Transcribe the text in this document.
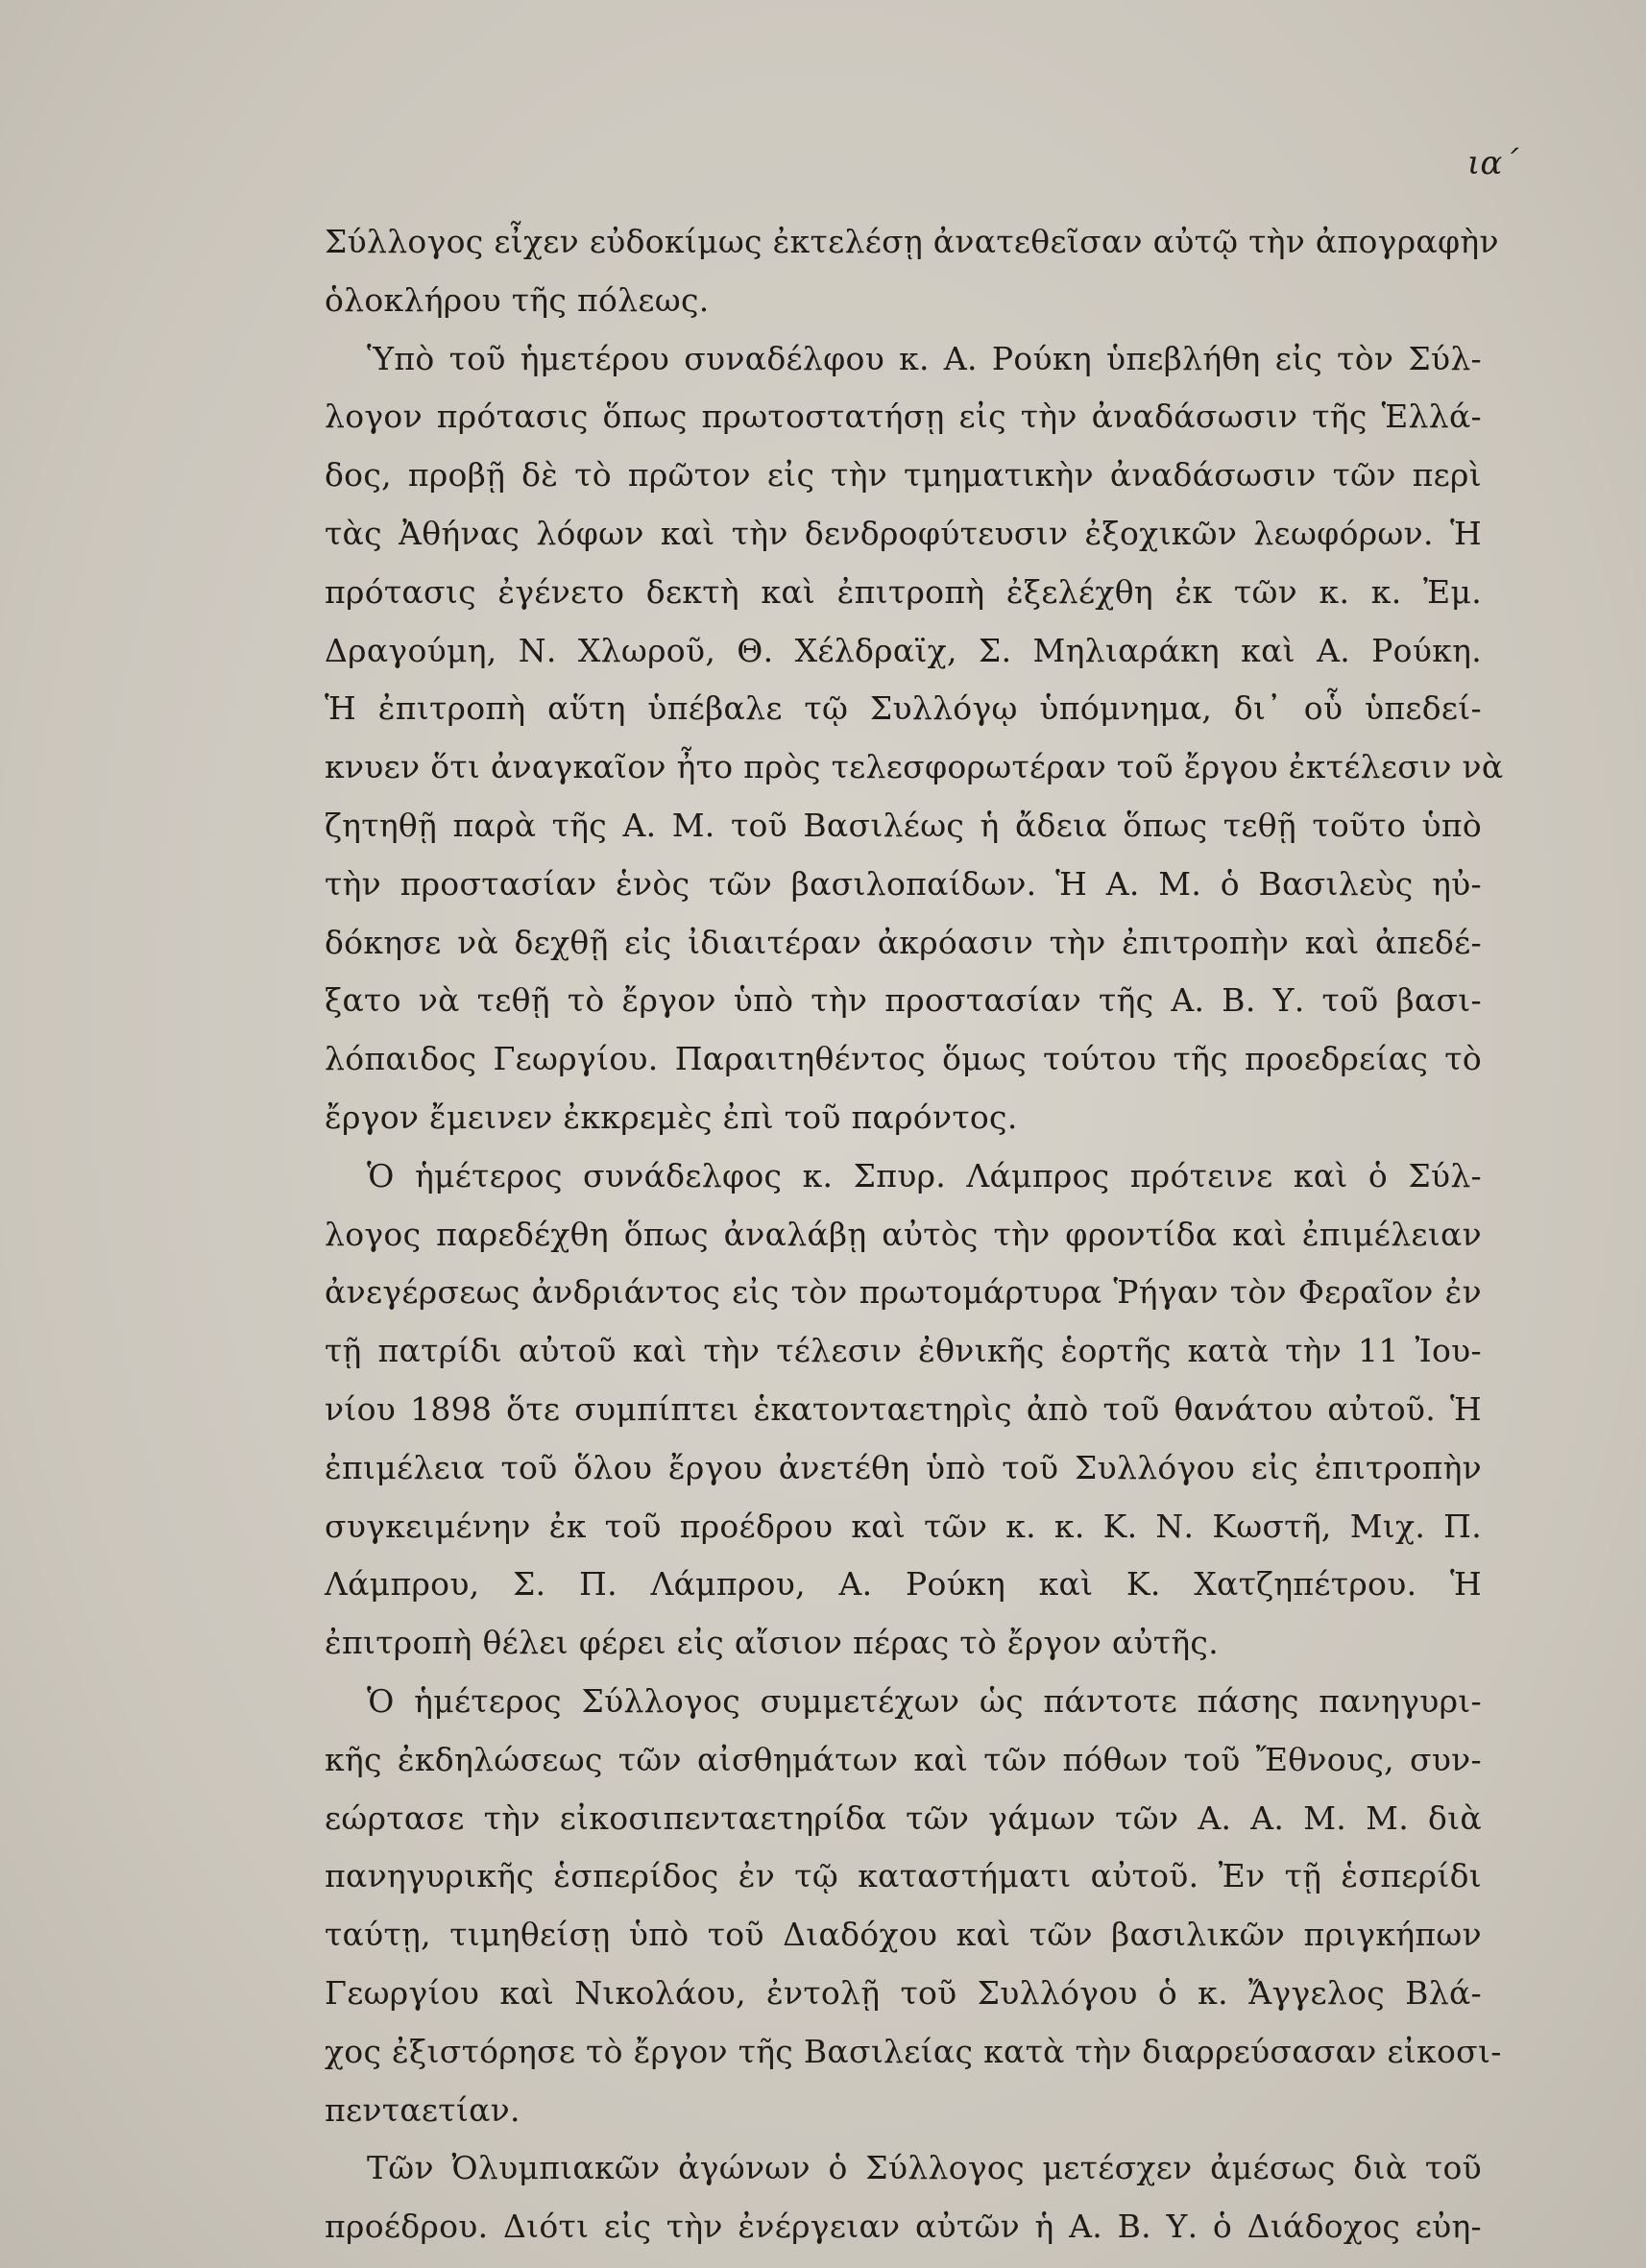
ια΄
Σύλλογος εἶχεν εὐδοκίμως ἐκτελέσῃ ἀνατεθεῖσαν αὐτῷ τὴν ἀπογραφὴν
ὁλοκλήρου τῆς πόλεως.
Ὑπὸ τοῦ ἡμετέρου συναδέλφου κ. Α. Ρούκη ὑπεβλήθη εἰς τὸν Σύλ-
λογον πρότασις ὅπως πρωτοστατήσῃ εἰς τὴν ἀναδάσωσιν τῆς Ἑλλά-
δος, προβῇ δὲ τὸ πρῶτον εἰς τὴν τμηματικὴν ἀναδάσωσιν τῶν περὶ
τὰς Ἀθήνας λόφων καὶ τὴν δενδροφύτευσιν ἐξοχικῶν λεωφόρων. Ἡ
πρότασις ἐγένετο δεκτὴ καὶ ἐπιτροπὴ ἐξελέχθη ἐκ τῶν κ. κ. Ἐμ.
Δραγούμη, Ν. Χλωροῦ, Θ. Χέλδραϊχ, Σ. Μηλιαράκη καὶ Α. Ρούκη.
Ἡ ἐπιτροπὴ αὕτη ὑπέβαλε τῷ Συλλόγῳ ὑπόμνημα, δι᾽ οὗ ὑπεδεί-
κνυεν ὅτι ἀναγκαῖον ἦτο πρὸς τελεσφορωτέραν τοῦ ἔργου ἐκτέλεσιν νὰ
ζητηθῇ παρὰ τῆς Α. Μ. τοῦ Βασιλέως ἡ ἄδεια ὅπως τεθῇ τοῦτο ὑπὸ
τὴν προστασίαν ἑνὸς τῶν βασιλοπαίδων. Ἡ Α. Μ. ὁ Βασιλεὺς ηὐ-
δόκησε νὰ δεχθῇ εἰς ἰδιαιτέραν ἀκρόασιν τὴν ἐπιτροπὴν καὶ ἀπεδέ-
ξατο νὰ τεθῇ τὸ ἔργον ὑπὸ τὴν προστασίαν τῆς Α. Β. Υ. τοῦ βασι-
λόπαιδος Γεωργίου. Παραιτηθέντος ὅμως τούτου τῆς προεδρείας τὸ
ἔργον ἔμεινεν ἐκκρεμὲς ἐπὶ τοῦ παρόντος.
Ὁ ἡμέτερος συνάδελφος κ. Σπυρ. Λάμπρος πρότεινε καὶ ὁ Σύλ-
λογος παρεδέχθη ὅπως ἀναλάβῃ αὐτὸς τὴν φροντίδα καὶ ἐπιμέλειαν
ἀνεγέρσεως ἀνδριάντος εἰς τὸν πρωτομάρτυρα Ῥήγαν τὸν Φεραῖον ἐν
τῇ πατρίδι αὐτοῦ καὶ τὴν τέλεσιν ἐθνικῆς ἑορτῆς κατὰ τὴν 11 Ἰου-
νίου 1898 ὅτε συμπίπτει ἑκατονταετηρὶς ἀπὸ τοῦ θανάτου αὐτοῦ. Ἡ
ἐπιμέλεια τοῦ ὅλου ἔργου ἀνετέθη ὑπὸ τοῦ Συλλόγου εἰς ἐπιτροπὴν
συγκειμένην ἐκ τοῦ προέδρου καὶ τῶν κ. κ. Κ. Ν. Κωστῆ, Μιχ. Π.
Λάμπρου, Σ. Π. Λάμπρου, Α. Ρούκη καὶ Κ. Χατζηπέτρου. Ἡ
ἐπιτροπὴ θέλει φέρει εἰς αἴσιον πέρας τὸ ἔργον αὐτῆς.
Ὁ ἡμέτερος Σύλλογος συμμετέχων ὡς πάντοτε πάσης πανηγυρι-
κῆς ἐκδηλώσεως τῶν αἰσθημάτων καὶ τῶν πόθων τοῦ Ἔθνους, συν-
εώρτασε τὴν εἰκοσιπενταετηρίδα τῶν γάμων τῶν Α. Α. Μ. Μ. διὰ
πανηγυρικῆς ἑσπερίδος ἐν τῷ καταστήματι αὐτοῦ. Ἐν τῇ ἑσπερίδι
ταύτῃ, τιμηθείσῃ ὑπὸ τοῦ Διαδόχου καὶ τῶν βασιλικῶν πριγκήπων
Γεωργίου καὶ Νικολάου, ἐντολῇ τοῦ Συλλόγου ὁ κ. Ἄγγελος Βλά-
χος ἐξιστόρησε τὸ ἔργον τῆς Βασιλείας κατὰ τὴν διαρρεύσασαν εἰκοσι-
πενταετίαν.
Τῶν Ὀλυμπιακῶν ἀγώνων ὁ Σύλλογος μετέσχεν ἀμέσως διὰ τοῦ
προέδρου. Διότι εἰς τὴν ἐνέργειαν αὐτῶν ἡ Α. Β. Υ. ὁ Διάδοχος εὐη-
